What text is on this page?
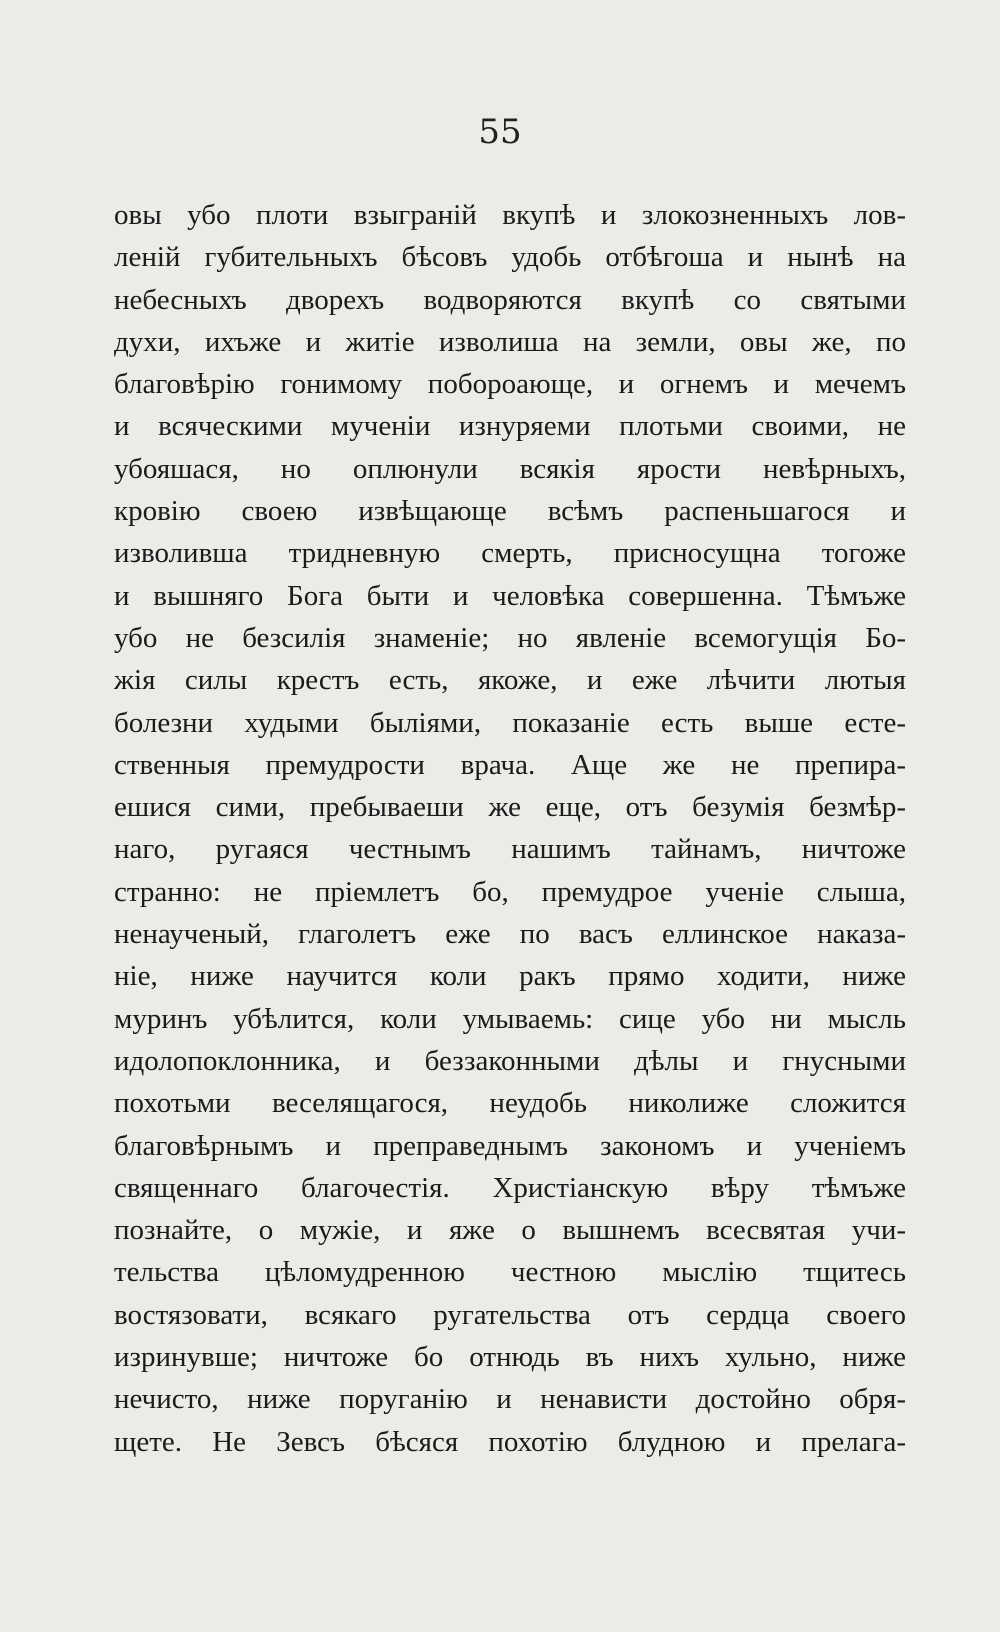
55
овы убо плоти взыграній вкупѣ и злокозненныхъ лов-
леній губительныхъ бѣсовъ удобь отбѣгоша и нынѣ на
небесныхъ дворехъ водворяются вкупѣ со святыми
духи, ихъже и житіе изволиша на земли, овы же, по
благовѣрію гонимому побороающе, и огнемъ и мечемъ
и всяческими мученіи изнуряеми плотьми своими, не
убояшася, но оплюнули всякія ярости невѣрныхъ,
кровію своею извѣщающе всѣмъ распеньшагося и
изволивша тридневную смерть, присносущна тогоже
и вышняго Бога быти и человѣка совершенна. Тѣмъже
убо не безсилія знаменіе; но явленіе всемогущія Бо-
жія силы крестъ есть, якоже, и еже лѣчити лютыя
болезни худыми быліями, показаніе есть выше есте-
ственныя премудрости врача. Аще же не препира-
ешися сими, пребываеши же еще, отъ безумія безмѣр-
наго, ругаяся честнымъ нашимъ тайнамъ, ничтоже
странно: не пріемлетъ бо, премудрое ученіе слыша,
ненаученый, глаголетъ еже по васъ еллинское наказа-
ніе, ниже научится коли ракъ прямо ходити, ниже
муринъ убѣлится, коли умываемь: сице убо ни мысль
идолопоклонника, и беззаконными дѣлы и гнусными
похотьми веселящагося, неудобь николиже сложится
благовѣрнымъ и преправеднымъ закономъ и ученіемъ
священнаго благочестія. Христіанскую вѣру тѣмъже
познайте, о мужіе, и яже о вышнемъ всесвятая учи-
тельства цѣломудренною честною мыслію тщитесь
востязовати, всякаго ругательства отъ сердца своего
изринувше; ничтоже бо отнюдь въ нихъ хульно, ниже
нечисто, ниже поруганію и ненависти достойно обря-
щете. Не Зевсъ бѣсяся похотію блудною и прелага-
